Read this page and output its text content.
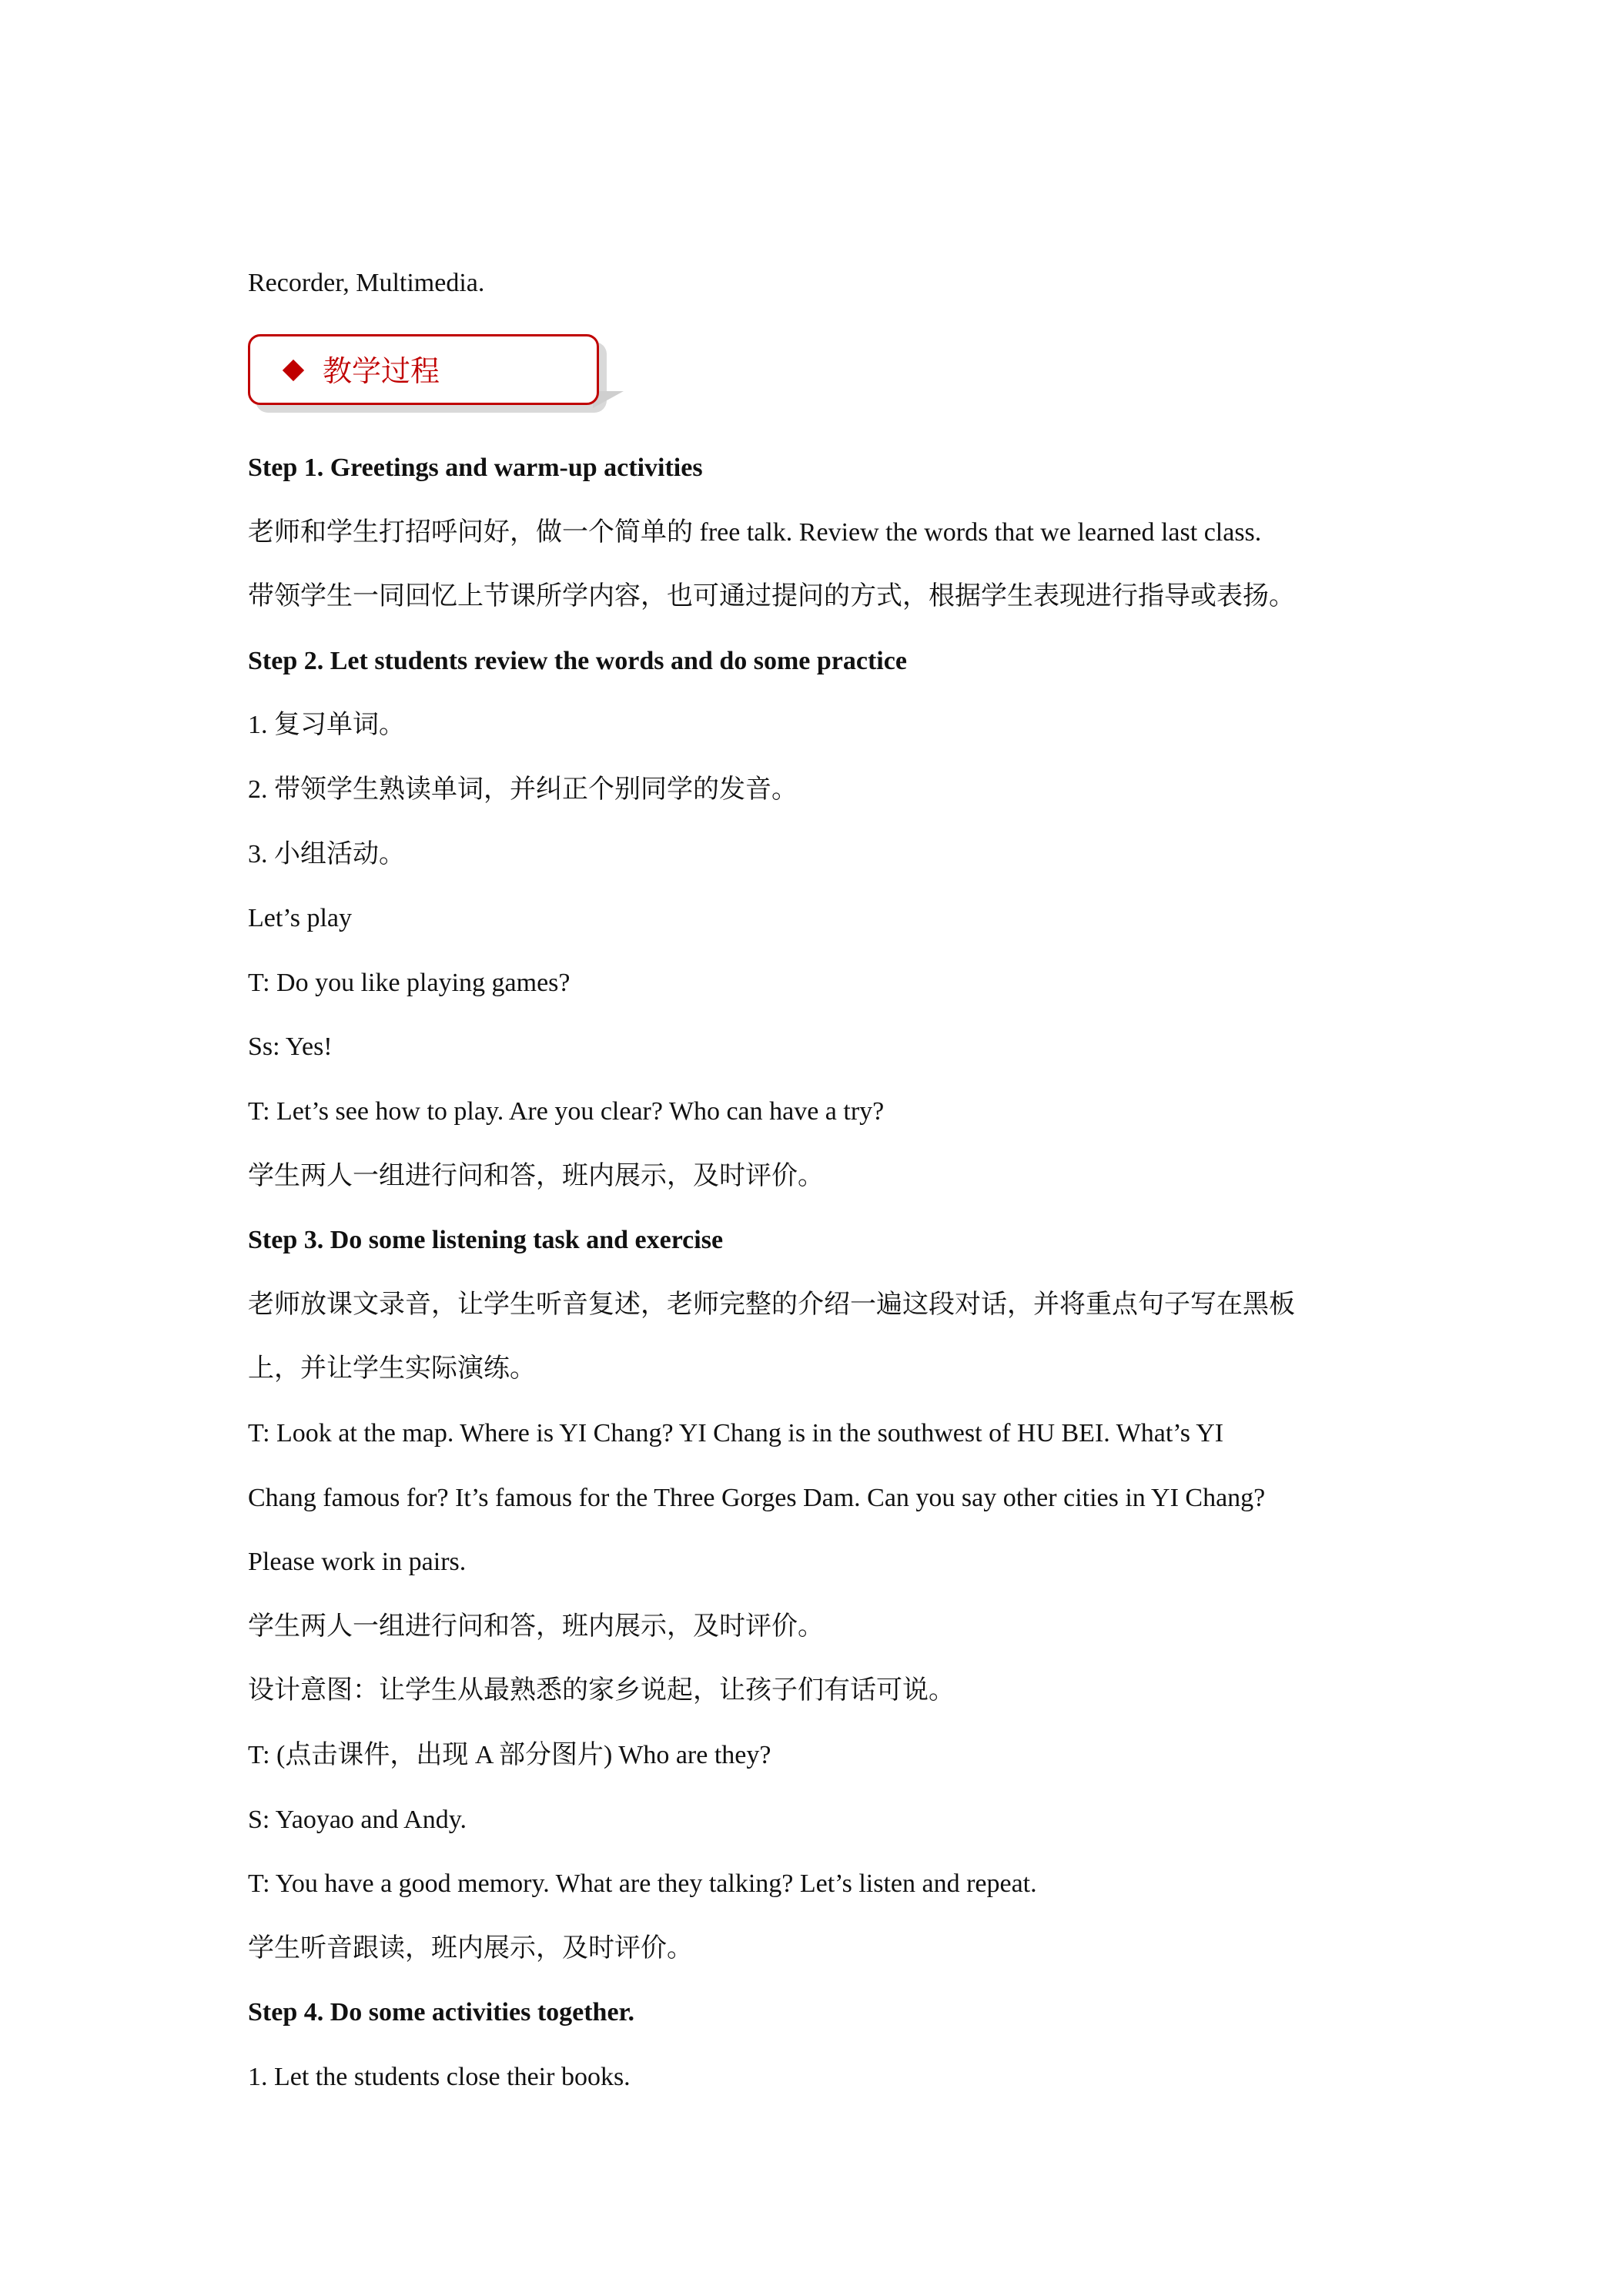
Recorder, Multimedia.
教学过程
Step 1. Greetings and warm-up activities
老师和学生打招呼问好，做一个简单的 free talk. Review the words that we learned last class.
带领学生一同回忆上节课所学内容，也可通过提问的方式，根据学生表现进行指导或表扬。
Step 2. Let students review the words and do some practice
1. 复习单词。
2. 带领学生熟读单词，并纠正个别同学的发音。
3. 小组活动。
Let’s play
T: Do you like playing games?
Ss: Yes!
T: Let’s see how to play. Are you clear? Who can have a try?
学生两人一组进行问和答，班内展示，及时评价。
Step 3. Do some listening task and exercise
老师放课文录音，让学生听音复述，老师完整的介绍一遍这段对话，并将重点句子写在黑板
上，并让学生实际演练。
T: Look at the map. Where is YI Chang? YI Chang is in the southwest of HU BEI. What’s YI
Chang famous for? It’s famous for the Three Gorges Dam. Can you say other cities in YI Chang?
Please work in pairs.
学生两人一组进行问和答，班内展示，及时评价。
设计意图：让学生从最熟悉的家乡说起，让孩子们有话可说。
T: (点击课件，出现 A 部分图片) Who are they?
S: Yaoyao and Andy.
T: You have a good memory. What are they talking? Let’s listen and repeat.
学生听音跟读，班内展示，及时评价。
Step 4. Do some activities together.
1. Let the students close their books.
